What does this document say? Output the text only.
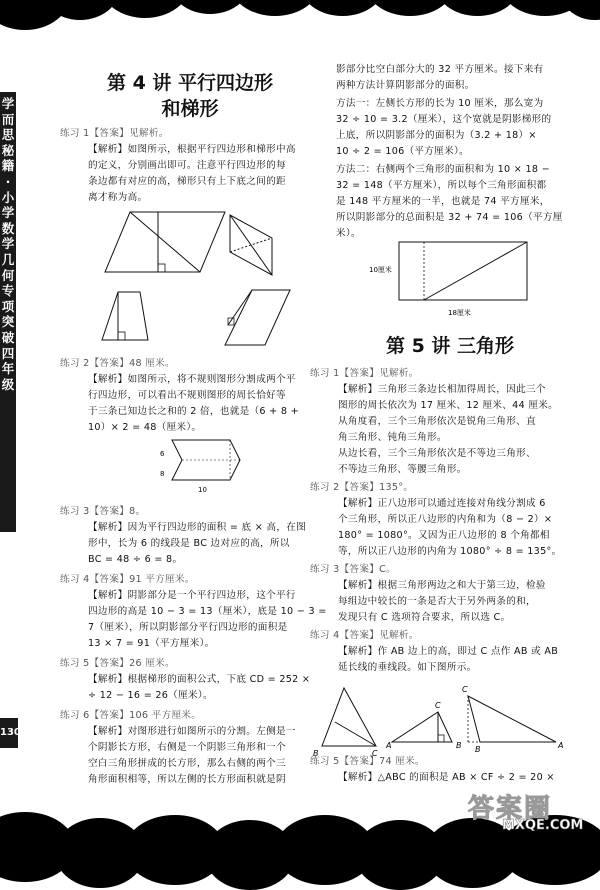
学而思秘籍·小学数学几何专项突破 四年级
130
第 4 讲 平行四边形
和梯形
练习 1【答案】见解析。
【解析】如图所示，根据平行四边形和梯形中高
的定义，分别画出即可。注意平行四边形的每
条边都有对应的高，梯形只有上下底之间的距
离才称为高。
练习 2【答案】48 厘米。
【解析】如图所示，将不规则图形分割成两个平
行四边形，可以看出不规则图形的周长恰好等
于三条已知边长之和的 2 倍，也就是（6 + 8 +
10）× 2 = 48（厘米）。
6
8
10
练习 3【答案】8。
【解析】因为平行四边形的面积 = 底 × 高，在图
形中，长为 6 的线段是 BC 边对应的高，所以
BC = 48 ÷ 6 = 8。
练习 4【答案】91 平方厘米。
【解析】阴影部分是一个平行四边形，这个平行
四边形的高是 10 − 3 = 13（厘米），底是 10 − 3 =
7（厘米），所以阴影部分平行四边形的面积是
13 × 7 = 91（平方厘米）。
练习 5【答案】26 厘米。
【解析】根据梯形的面积公式，下底 CD = 252 ×
÷ 12 − 16 = 26（厘米）。
练习 6【答案】106 平方厘米。
【解析】对图形进行如图所示的分割。左侧是一
个阴影长方形，右侧是一个阴影三角形和一个
空白三角形拼成的长方形，那么右侧的两个三
角形面积相等，所以左侧的长方形面积就是阴
影部分比空白部分大的 32 平方厘米。接下来有
两种方法计算阴影部分的面积。
方法一：左侧长方形的长为 10 厘米，那么宽为
32 ÷ 10 = 3.2（厘米），这个宽就是阴影梯形的
上底，所以阴影部分的面积为（3.2 + 18）×
10 ÷ 2 = 106（平方厘米）。
方法二：右侧两个三角形的面积和为 10 × 18 −
32 = 148（平方厘米），所以每个三角形面积都
是 148 平方厘米的一半，也就是 74 平方厘米，
所以阴影部分的总面积是 32 + 74 = 106（平方厘
米）。
10厘米
18厘米
第 5 讲 三角形
练习 1【答案】见解析。
【解析】三角形三条边长相加得周长，因此三个
图形的周长依次为 17 厘米、12 厘米、44 厘米。
从角度看，三个三角形依次是锐角三角形、直
角三角形、钝角三角形。
从边长看，三个三角形依次是不等边三角形、
不等边三角形、等腰三角形。
练习 2【答案】135°。
【解析】正八边形可以通过连接对角线分割成 6
个三角形，所以正八边形的内角和为（8 − 2）×
180° = 1080°。又因为正八边形的 8 个角都相
等，所以正八边形的内角为 1080° ÷ 8 = 135°。
练习 3【答案】C。
【解析】根据三角形两边之和大于第三边，检验
每组边中较长的一条是否大于另外两条的和，
发现只有 C 选项符合要求，所以选 C。
练习 4【答案】见解析。
【解析】作 AB 边上的高，即过 C 点作 AB 或 AB
延长线的垂线段。如下图所示。
B	C
A	B
C
B	A
C
练习 5【答案】74 厘米。
【解析】△ABC 的面积是 AB × CF ÷ 2 = 20 ×
答案圈
MXQE.COM
